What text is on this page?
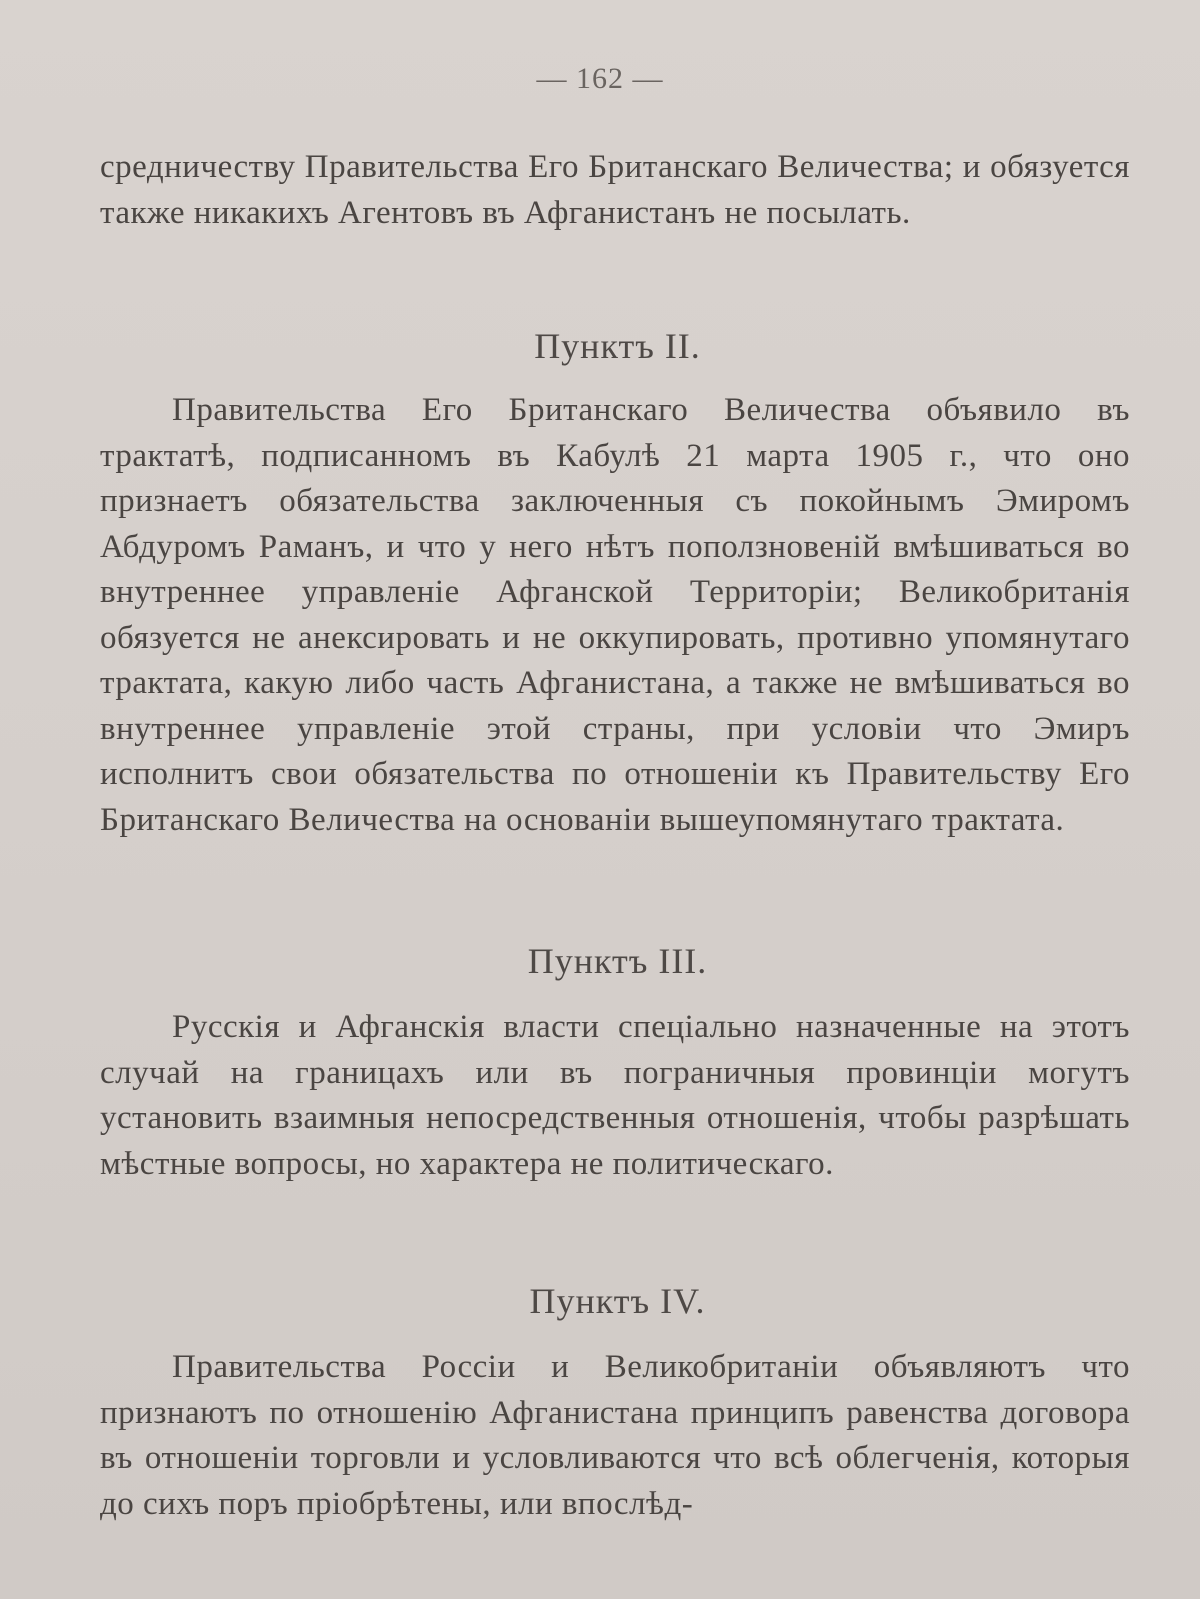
— 162 —

средничеству Правительства Его Британскаго Величества; и обязуется также никакихъ Агентовъ въ Афганистанъ не посылать.

Пунктъ II.

Правительства Его Британскаго Величества объявило въ трактатѣ, подписанномъ въ Кабулѣ 21 марта 1905 г., что оно признаетъ обязательства заключенныя съ покойнымъ Эмиромъ Абдуромъ Раманъ, и что у него нѣтъ поползновеній вмѣшиваться во внутреннее управленіе Афганской Территоріи; Великобританія обязуется не анексировать и не оккупировать, противно упомянутаго трактата, какую либо часть Афганистана, а также не вмѣшиваться во внутреннее управленіе этой страны, при условіи что Эмиръ исполнитъ свои обязательства по отношеніи къ Правительству Его Британскаго Величества на основаніи вышеупомянутаго трактата.

Пунктъ III.

Русскія и Афганскія власти спеціально назначенные на этотъ случай на границахъ или въ пограничныя провинціи могутъ установить взаимныя непосредственныя отношенія, чтобы разрѣшать мѣстные вопросы, но характера не политическаго.

Пунктъ IV.

Правительства Россіи и Великобританіи объявляютъ что признаютъ по отношенію Афганистана принципъ равенства договора въ отношеніи торговли и условливаются что всѣ облегченія, которыя до сихъ поръ пріобрѣтены, или впослѣд-
